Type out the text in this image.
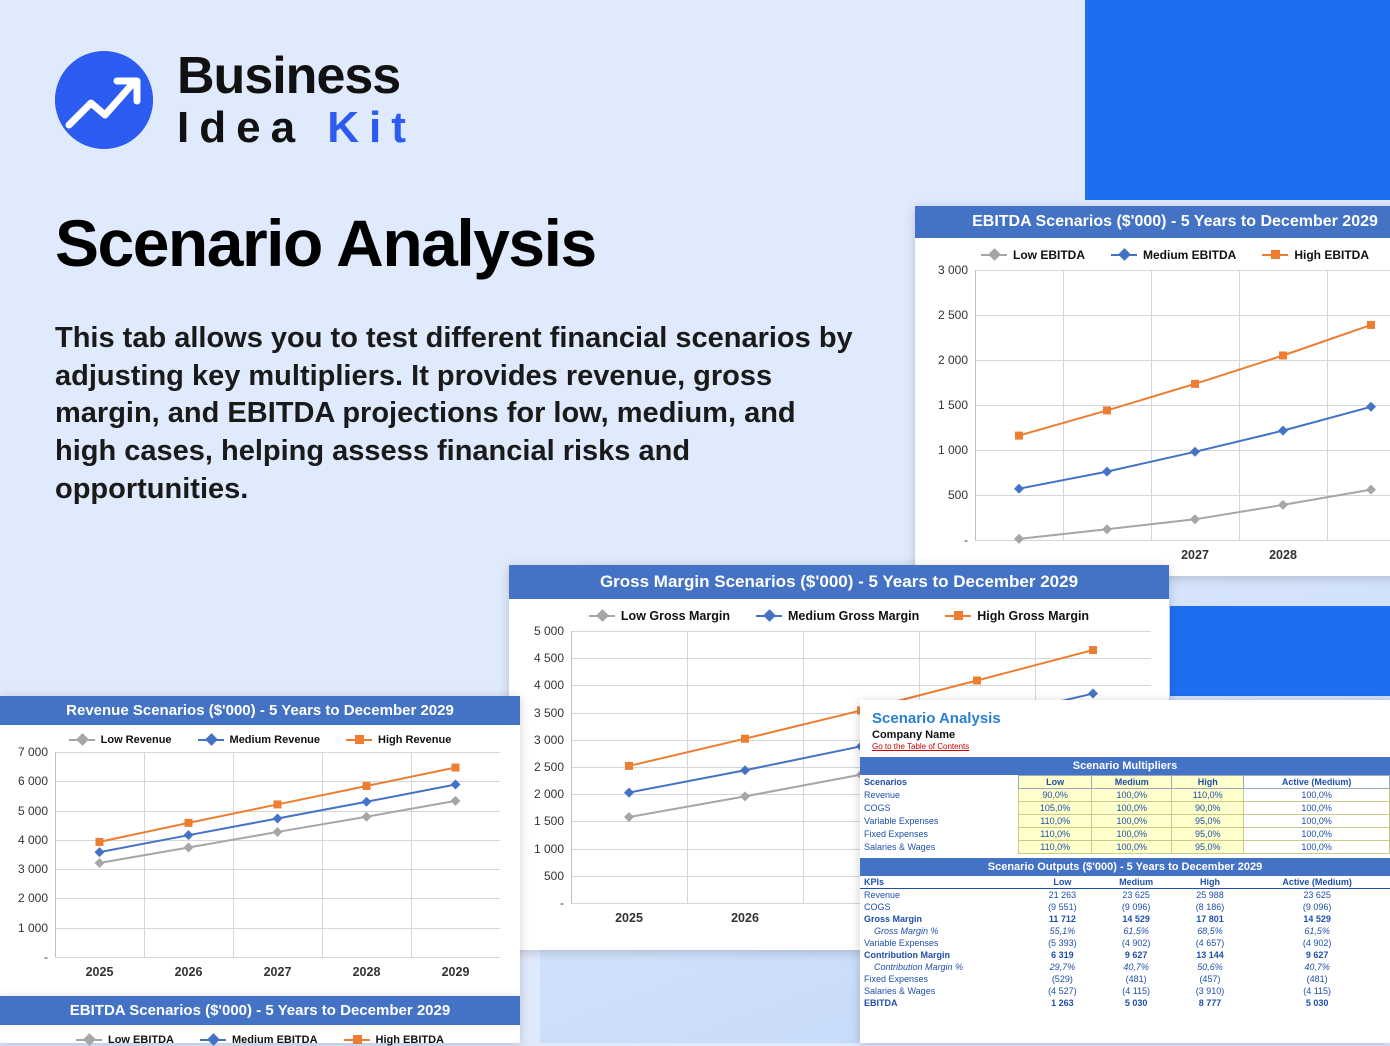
Business
Idea Kit
Scenario Analysis
This tab allows you to test different financial scenarios by adjusting key multipliers. It provides revenue, gross margin, and EBITDA projections for low, medium, and high cases, helping assess financial risks and opportunities.
EBITDA Scenarios ($'000) - 5 Years to December 2029
Low EBITDA	Medium EBITDA	High EBITDA
-
500
1 000
1 500
2 000
2 500
3 000
2027	2028
Gross Margin Scenarios ($'000) - 5 Years to December 2029
Low Gross Margin	Medium Gross Margin	High Gross Margin
-
500
1 000
1 500
2 000
2 500
3 000
3 500
4 000
4 500
5 000
2025	2026
Revenue Scenarios ($'000) - 5 Years to December 2029
Low Revenue	Medium Revenue	High Revenue
-
1 000
2 000
3 000
4 000
5 000
6 000
7 000
2025	2026	2027	2028	2029
EBITDA Scenarios ($'000) - 5 Years to December 2029
Low EBITDA	Medium EBITDA	High EBITDA
Scenario Analysis
Company Name
Go to the Table of Contents
Scenario Multipliers
Scenarios	Low	Medium	High	Active (Medium)
Revenue	90,0%	100,0%	110,0%	100,0%
COGS	105,0%	100,0%	90,0%	100,0%
Variable Expenses	110,0%	100,0%	95,0%	100,0%
Fixed Expenses	110,0%	100,0%	95,0%	100,0%
Salaries & Wages	110,0%	100,0%	95,0%	100,0%
Scenario Outputs ($'000) - 5 Years to December 2029
KPIs	Low	Medium	High	Active (Medium)
Revenue	21 263	23 625	25 988	23 625
COGS	(9 551)	(9 096)	(8 186)	(9 096)
Gross Margin	11 712	14 529	17 801	14 529
Gross Margin %	55,1%	61,5%	68,5%	61,5%
Variable Expenses	(5 393)	(4 902)	(4 657)	(4 902)
Contribution Margin	6 319	9 627	13 144	9 627
Contribution Margin %	29,7%	40,7%	50,6%	40,7%
Fixed Expenses	(529)	(481)	(457)	(481)
Salaries & Wages	(4 527)	(4 115)	(3 910)	(4 115)
EBITDA	1 263	5 030	8 777	5 030
